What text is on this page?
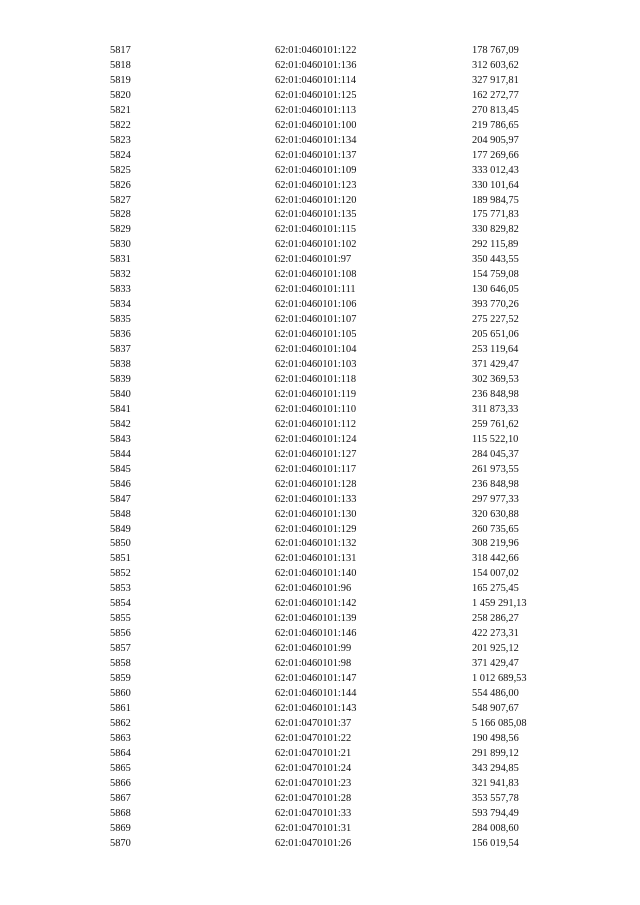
5817	62:01:0460101:122	178 767,09
5818	62:01:0460101:136	312 603,62
5819	62:01:0460101:114	327 917,81
5820	62:01:0460101:125	162 272,77
5821	62:01:0460101:113	270 813,45
5822	62:01:0460101:100	219 786,65
5823	62:01:0460101:134	204 905,97
5824	62:01:0460101:137	177 269,66
5825	62:01:0460101:109	333 012,43
5826	62:01:0460101:123	330 101,64
5827	62:01:0460101:120	189 984,75
5828	62:01:0460101:135	175 771,83
5829	62:01:0460101:115	330 829,82
5830	62:01:0460101:102	292 115,89
5831	62:01:0460101:97	350 443,55
5832	62:01:0460101:108	154 759,08
5833	62:01:0460101:111	130 646,05
5834	62:01:0460101:106	393 770,26
5835	62:01:0460101:107	275 227,52
5836	62:01:0460101:105	205 651,06
5837	62:01:0460101:104	253 119,64
5838	62:01:0460101:103	371 429,47
5839	62:01:0460101:118	302 369,53
5840	62:01:0460101:119	236 848,98
5841	62:01:0460101:110	311 873,33
5842	62:01:0460101:112	259 761,62
5843	62:01:0460101:124	115 522,10
5844	62:01:0460101:127	284 045,37
5845	62:01:0460101:117	261 973,55
5846	62:01:0460101:128	236 848,98
5847	62:01:0460101:133	297 977,33
5848	62:01:0460101:130	320 630,88
5849	62:01:0460101:129	260 735,65
5850	62:01:0460101:132	308 219,96
5851	62:01:0460101:131	318 442,66
5852	62:01:0460101:140	154 007,02
5853	62:01:0460101:96	165 275,45
5854	62:01:0460101:142	1 459 291,13
5855	62:01:0460101:139	258 286,27
5856	62:01:0460101:146	422 273,31
5857	62:01:0460101:99	201 925,12
5858	62:01:0460101:98	371 429,47
5859	62:01:0460101:147	1 012 689,53
5860	62:01:0460101:144	554 486,00
5861	62:01:0460101:143	548 907,67
5862	62:01:0470101:37	5 166 085,08
5863	62:01:0470101:22	190 498,56
5864	62:01:0470101:21	291 899,12
5865	62:01:0470101:24	343 294,85
5866	62:01:0470101:23	321 941,83
5867	62:01:0470101:28	353 557,78
5868	62:01:0470101:33	593 794,49
5869	62:01:0470101:31	284 008,60
5870	62:01:0470101:26	156 019,54
